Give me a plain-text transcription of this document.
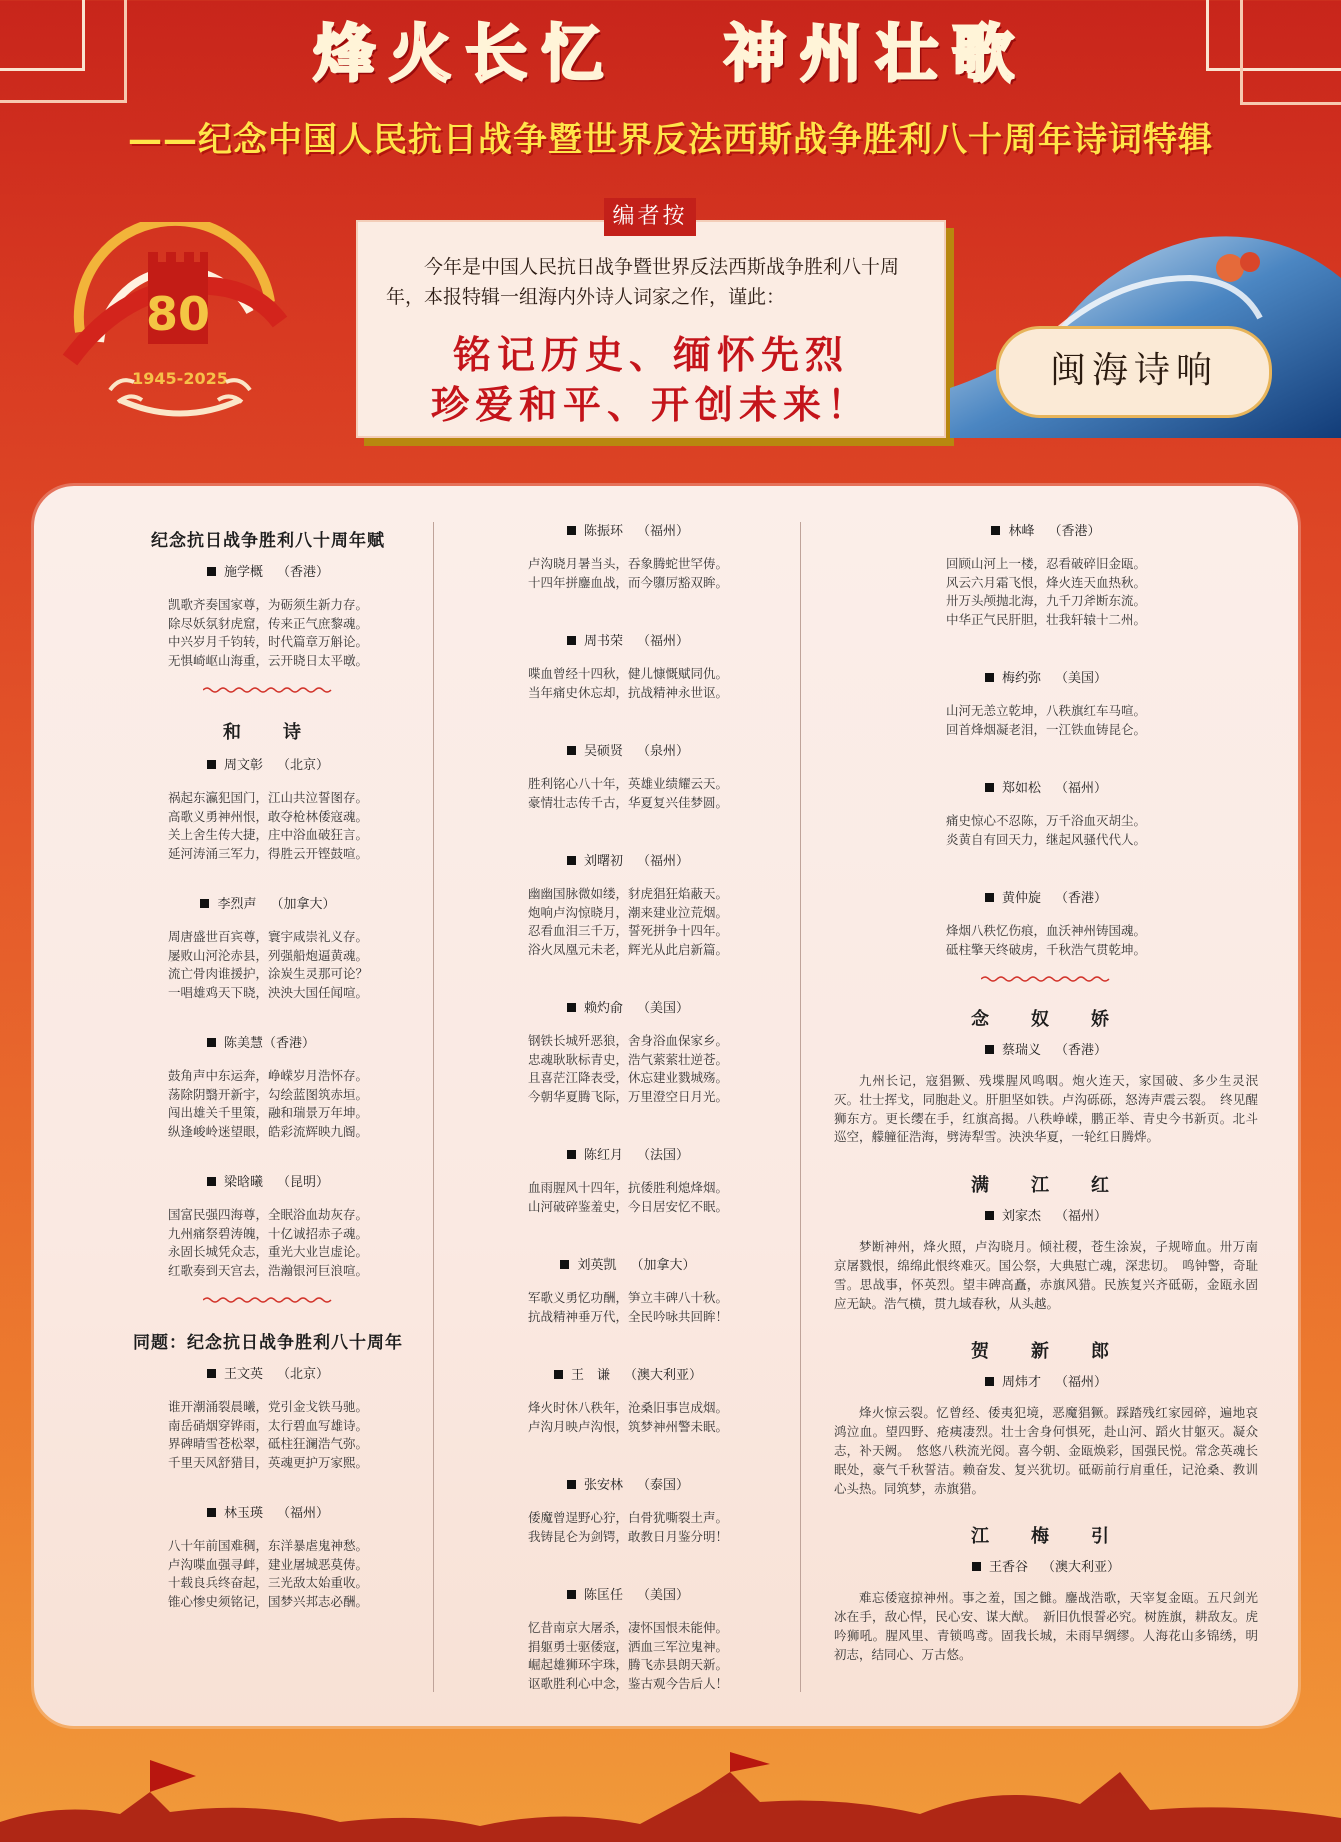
烽火长忆 神州壮歌
——纪念中国人民抗日战争暨世界反法西斯战争胜利八十周年诗词特辑
80
1945-2025
今年是中国人民抗日战争暨世界反法西斯战争胜利八十周年，本报特辑一组海内外诗人词家之作，谨此：
铭记历史、缅怀先烈
珍爱和平、开创未来！
编者按
闽海诗响
纪念抗日战争胜利八十周年赋
施学概 （香港）
凯歌齐奏国家尊，为砺须生新力存。
除尽妖氛豺虎窟，传来正气庶黎魂。
中兴岁月千钧转，时代篇章万斛论。
无惧崎岖山海重，云开晓日太平暾。
和　诗
周文彰 （北京）
祸起东瀛犯国门，江山共泣誓图存。
高歌义勇神州恨，敢夺枪林倭寇魂。
关上舍生传大捷，庄中浴血破狂言。
延河涛涌三军力，得胜云开铿鼓喧。
李烈声 （加拿大）
周唐盛世百宾尊，寰宇咸崇礼义存。
屡败山河沦赤县，列强船炮逼黄魂。
流亡骨肉谁援护，涂炭生灵那可论？
一唱雄鸡天下晓，泱泱大国任闻喧。
陈美慧（香港）
鼓角声中东运奔，峥嵘岁月浩怀存。
荡除阴翳开新宇，勾绘蓝图筑赤垣。
闯出雄关千里策，融和瑞景万年坤。
纵逢峻岭迷望眼，皓彩流辉映九阍。
梁晗曦 （昆明）
国富民强四海尊，全眠浴血劫灰存。
九州痛祭碧涛魄，十亿诚招赤子魂。
永固长城凭众志，重光大业岂虚论。
红歌奏到天宫去，浩瀚银河巨浪喧。
同题：纪念抗日战争胜利八十周年
王文英 （北京）
谁开潮涌裂晨曦，党引金戈铁马驰。
南岳硝烟穿铧雨，太行碧血写雄诗。
界碑晴雪苍松翠，砥柱狂澜浩气弥。
千里天风舒猎目，英魂更护万家熙。
林玉瑛 （福州）
八十年前国难稠，东洋暴虐鬼神愁。
卢沟喋血强寻衅，建业屠城恶莫俦。
十载良兵终奋起，三光敌太始重收。
锥心惨史须铭记，国梦兴邦志必酬。
陈振环 （福州）
卢沟晓月暑当头，吞象腾蛇世罕俦。
十四年拼鏖血战，而今隳厉豁双眸。
周书荣 （福州）
喋血曾经十四秋，健儿慷慨赋同仇。
当年痛史休忘却，抗战精神永世讴。
吴硕贤 （泉州）
胜利铭心八十年，英雄业绩耀云天。
豪情壮志传千古，华夏复兴佳梦圆。
刘曙初 （福州）
幽幽国脉微如缕，豺虎猖狂焰蔽天。
炮响卢沟惊晓月，潮来建业泣荒烟。
忍看血泪三千万，誓死拼争十四年。
浴火凤凰元未老，辉光从此启新篇。
赖灼俞 （美国）
钢铁长城歼恶狼，舍身浴血保家乡。
忠魂耿耿标青史，浩气萦萦壮逆苍。
且喜茫江降表受，休忘建业戮城殇。
今朝华夏腾飞际，万里澄空日月光。
陈红月 （法国）
血雨腥风十四年，抗倭胜利熄烽烟。
山河破碎鉴羞史，今日居安忆不眠。
刘英凯 （加拿大）
军歌义勇忆功酬，笋立丰碑八十秋。
抗战精神垂万代，全民吟咏共回眸！
王　谦 （澳大利亚）
烽火时休八秩年，沧桑旧事岂成烟。
卢沟月映卢沟恨，筑梦神州警未眠。
张安林 （泰国）
倭魔曾逞野心狞，白骨犹嘶裂土声。
我铸昆仑为剑锷，敢教日月鉴分明！
陈匡任 （美国）
忆昔南京大屠杀，凄怀国恨未能伸。
捐躯勇士驱倭寇，洒血三军泣鬼神。
崛起雄狮环宇珠，腾飞赤县朗天新。
讴歌胜利心中念，鉴古观今告后人！
林峰 （香港）
回顾山河上一楼，忍看破碎旧金瓯。
风云六月霜飞恨，烽火连天血热秋。
卅万头颅抛北海，九千刀斧断东流。
中华正气民肝胆，壮我轩辕十二州。
梅约弥 （美国）
山河无恙立乾坤，八秩旗红车马喧。
回首烽烟凝老泪，一江铁血铸昆仑。
郑如松 （福州）
痛史惊心不忍陈，万千浴血灭胡尘。
炎黄自有回天力，继起风骚代代人。
黄仲旋 （香港）
烽烟八秩忆伤痕，血沃神州铸国魂。
砥柱擎天终破虏，千秋浩气贯乾坤。
念　奴　娇
蔡瑞义 （香港）
九州长记，寇猖獗、残堞腥风鸣咽。炮火连天，家国破、多少生灵泯灭。壮士挥戈，同胞赴义。肝胆坚如铁。卢沟砾砾，怒涛声震云裂。　终见醒狮东方。更长缨在手，红旗高揭。八秩峥嵘，鹏正举、青史今书新页。北斗巡空，艨艟征浩海，劈涛犁雪。泱泱华夏，一轮红日腾烨。
满　江　红
刘家杰 （福州）
梦断神州，烽火照，卢沟晓月。倾社稷，苍生涂炭，子规啼血。卅万南京屠戮恨，绵绵此恨终难灭。国公祭，大典慰亡魂，深悲切。　鸣钟警，奇耻雪。思战事，怀英烈。望丰碑高矗，赤旗风猎。民族复兴齐砥砺，金瓯永固应无缺。浩气横，贯九域春秋，从头越。
贺　新　郎
周炜才 （福州）
烽火惊云裂。忆曾经、倭夷犯境，恶魔猖獗。踩踏残红家园碎，遍地哀鸿泣血。望四野、疮痍凄烈。壮士舍身何惧死，赴山河、蹈火甘躯灭。凝众志，补天阙。　悠悠八秩流光阅。喜今朝、金瓯焕彩，国强民悦。常念英魂长眠处，豪气千秋誓洁。赖奋发、复兴犹切。砥砺前行肩重任，记沧桑、教训心头热。同筑梦，赤旗猎。
江　梅　引
王香谷 （澳大利亚）
难忘倭寇掠神州。事之羞，国之雠。鏖战浩歌，天宰复金瓯。五尺剑光冰在手，敌心悍，民心安、谋大猷。　新旧仇恨誓必究。树旌旗，耕敌友。虎吟狮吼。腥风里、青锁鸣鸢。固我长城，未雨早绸缪。人海花山多锦绣，明初志，结同心、万古悠。
